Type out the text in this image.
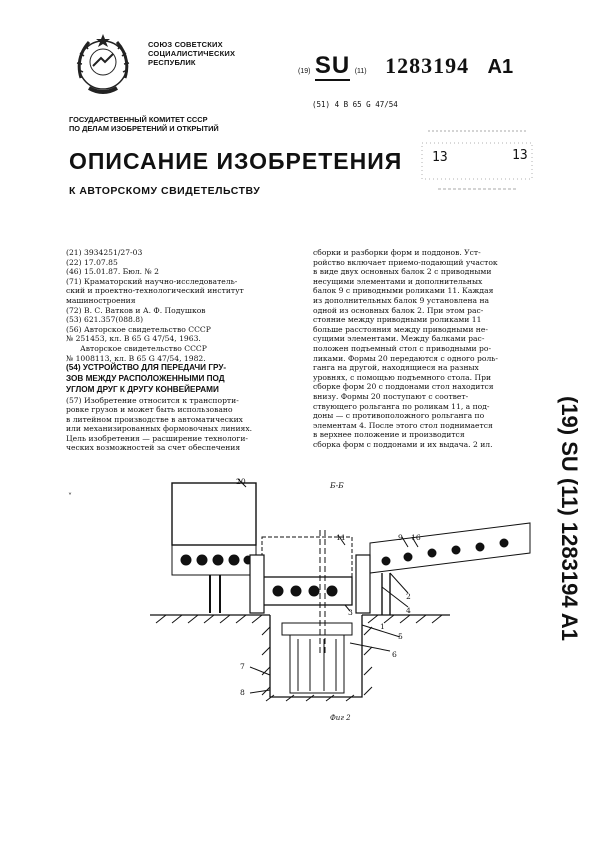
СОЮЗ СОВЕТСКИХ
СОЦИАЛИСТИЧЕСКИХ
РЕСПУБЛИК
(19) SU (11) 1283194 A1
(51) 4 B 65 G 47/54
ГОСУДАРСТВЕННЫЙ КОМИТЕТ СССР
ПО ДЕЛАМ ИЗОБРЕТЕНИЙ И ОТКРЫТИЙ
ОПИСАНИЕ ИЗОБРЕТЕНИЯ
К АВТОРСКОМУ СВИДЕТЕЛЬСТВУ
13	13
(21) 3934251/27-03
(22) 17.07.85
(46) 15.01.87. Бюл. № 2
(71) Краматорский научно-исследователь-
ский и проектно-технологический институт
машиностроения
(72) В. С. Ватков и А. Ф. Подушков
(53) 621.357(088.8)
(56) Авторское свидетельство СССР
№ 251453, кл. B 65 G 47/54, 1963.
Авторское свидетельство СССР
№ 1008113, кл. B 65 G 47/54, 1982.
(54) УСТРОЙСТВО ДЛЯ ПЕРЕДАЧИ ГРУ-
ЗОВ МЕЖДУ РАСПОЛОЖЕННЫМИ ПОД
УГЛОМ ДРУГ К ДРУГУ КОНВЕЙЕРАМИ
(57) Изобретение относится к транспорти-
ровке грузов и может быть использовано
в литейном производстве в автоматических
или механизированных формовочных линиях.
Цель изобретения — расширение технологи-
ческих возможностей за счет обеспечения
сборки и разборки форм и поддонов. Уст-
ройство включает приемо-подающий участок
в виде двух основных балок 2 с приводными
несущими элементами и дополнительных
балок 9 с приводными роликами 11. Каждая
из дополнительных балок 9 установлена на
одной из основных балок 2. При этом рас-
стояние между приводными роликами 11
больше расстояния между приводными не-
сущими элементами. Между балками рас-
положен подъемный стол с приводными ро-
ликами. Формы 20 передаются с одного роль-
ганга на другой, находящиеся на разных
уровнях, с помощью подъемного стола. При
сборке форм 20 с поддонами стол находится
внизу. Формы 20 поступают с соответ-
ствующего рольганга по роликам 11, а под-
доны — с противоположного рольганга по
элементам 4. После этого стол поднимается
в верхнее положение и производится
сборка форм с поддонами и их выдача. 2 ил.	(19) SU (11) 1283194 A1
˅
20
11	9 16
2
4
5
6
7
8
1
3
Б-Б
Фиг 2
